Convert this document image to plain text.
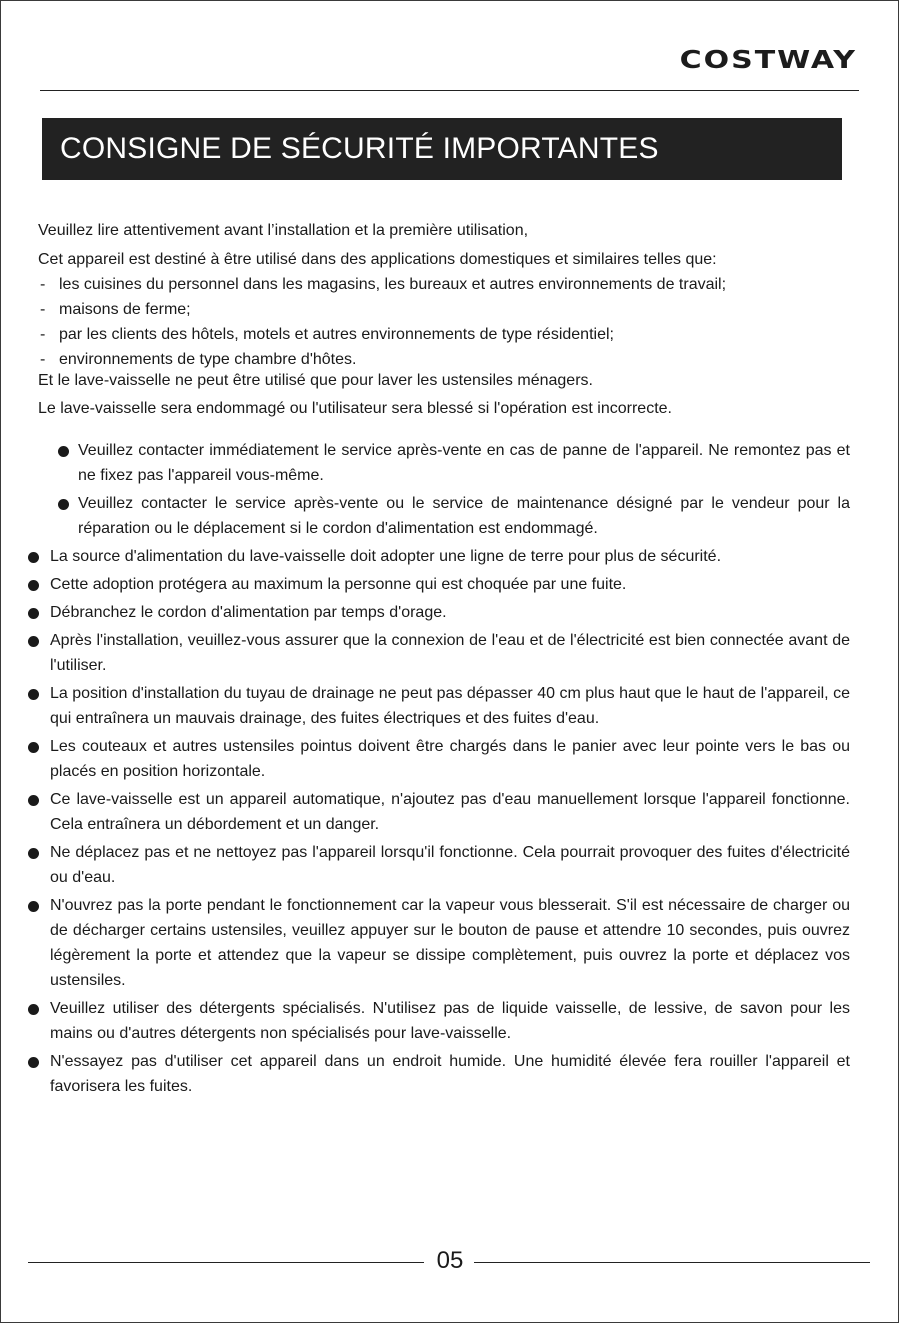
COSTWAY
CONSIGNE DE SÉCURITÉ IMPORTANTES

Veuillez lire attentivement avant l’installation et la première utilisation,

Cet appareil est destiné à être utilisé dans des applications domestiques et similaires telles que:

- les cuisines du personnel dans les magasins, les bureaux et autres environnements de travail;

- maisons de ferme;

- par les clients des hôtels, motels et autres environnements de type résidentiel;

- environnements de type chambre d'hôtes.

Et le lave-vaisselle ne peut être utilisé que pour laver les ustensiles ménagers.

Le lave-vaisselle sera endommagé ou l'utilisateur sera blessé si l'opération est incorrecte.

Veuillez contacter immédiatement le service après-vente en cas de panne de l'appareil. Ne remontez pas et ne fixez pas l'appareil vous-même.

Veuillez contacter le service après-vente ou le service de maintenance désigné par le vendeur pour la réparation ou le déplacement si le cordon d'alimentation est endommagé.

La source d'alimentation du lave-vaisselle doit adopter une ligne de terre pour plus de sécurité.

Cette adoption protégera au maximum la personne qui est choquée par une fuite.

Débranchez le cordon d'alimentation par temps d'orage.

Après l'installation, veuillez-vous assurer que la connexion de l'eau et de l'électricité est bien connectée avant de l'utiliser.

La position d'installation du tuyau de drainage ne peut pas dépasser 40 cm plus haut que le haut de l'appareil, ce qui entraînera un mauvais drainage, des fuites électriques et des fuites d'eau.

Les couteaux et autres ustensiles pointus doivent être chargés dans le panier avec leur pointe vers le bas ou placés en position horizontale.

Ce lave-vaisselle est un appareil automatique, n'ajoutez pas d'eau manuellement lorsque l'appareil fonctionne. Cela entraînera un débordement et un danger.

Ne déplacez pas et ne nettoyez pas l'appareil lorsqu'il fonctionne. Cela pourrait provoquer des fuites d'électricité ou d'eau.

N'ouvrez pas la porte pendant le fonctionnement car la vapeur vous blesserait. S'il est nécessaire de charger ou de décharger certains ustensiles, veuillez appuyer sur le bouton de pause et attendre 10 secondes, puis ouvrez légèrement la porte et attendez que la vapeur se dissipe complètement, puis ouvrez la porte et déplacez vos ustensiles.

Veuillez utiliser des détergents spécialisés. N'utilisez pas de liquide vaisselle, de lessive, de savon pour les mains ou d'autres détergents non spécialisés pour lave-vaisselle.

N'essayez pas d'utiliser cet appareil dans un endroit humide. Une humidité élevée fera rouiller l'appareil et favorisera les fuites.

05
